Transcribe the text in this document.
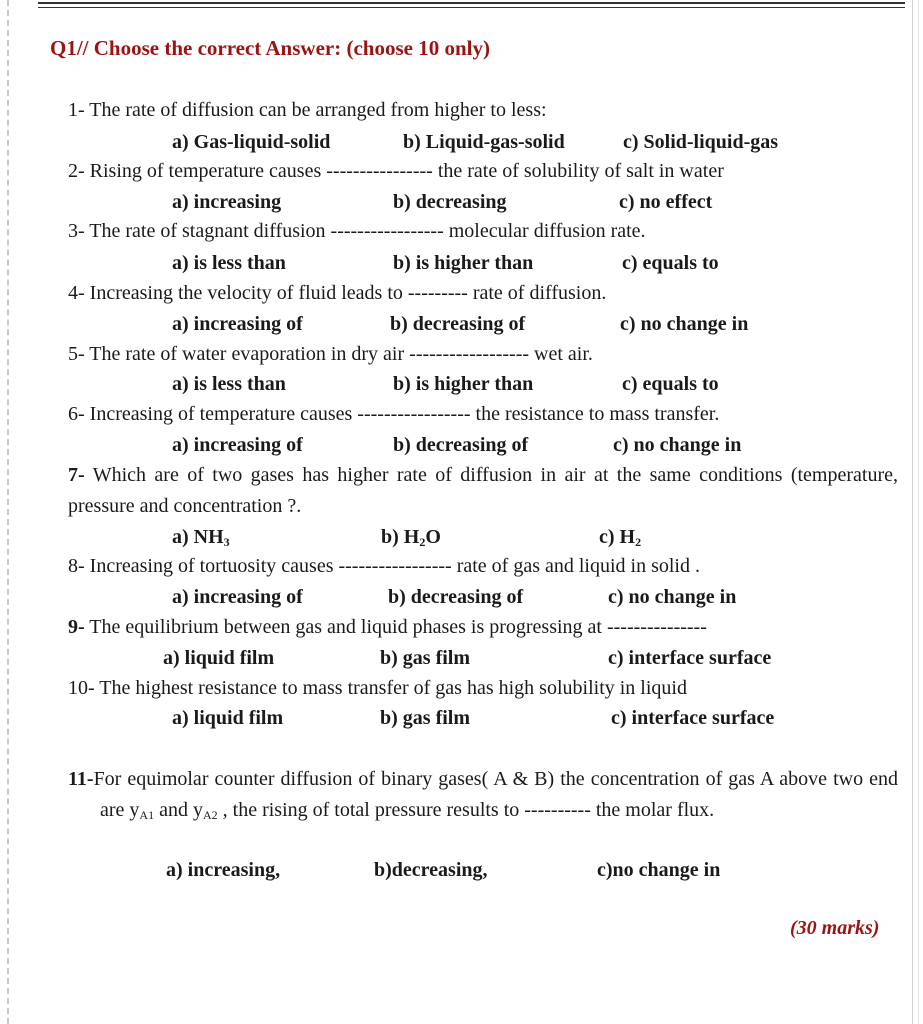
Q1// Choose the correct Answer: (choose 10 only)
1- The rate of diffusion can be arranged from higher to less:
a) Gas-liquid-solid	b) Liquid-gas-solid	c) Solid-liquid-gas
2- Rising of temperature causes ---------------- the rate of solubility of salt in water
a) increasing	b) decreasing	c) no effect
3- The rate of stagnant diffusion ----------------- molecular diffusion rate.
a) is less than	b) is higher than	c) equals to
4- Increasing the velocity of fluid leads to --------- rate of diffusion.
a) increasing of	b) decreasing of	c) no change in
5- The rate of water evaporation in dry air ------------------ wet air.
a) is less than	b) is higher than	c) equals to
6- Increasing of temperature causes ----------------- the resistance to mass transfer.
a) increasing of	b) decreasing of	c) no change in
7- Which are of two gases has higher rate of diffusion in air at the same conditions (temperature, pressure and concentration ?.
a) $NH_3$	b) $H_2O$	c) $H_2$
8- Increasing of tortuosity causes ----------------- rate of gas and liquid in solid .
a) increasing of	b) decreasing of	c) no change in
9- The equilibrium between gas and liquid phases is progressing at ---------------
a) liquid film	b) gas film	c) interface surface
10- The highest resistance to mass transfer of gas has high solubility in liquid
a) liquid film	b) gas film	c) interface surface
11-For equimolar counter diffusion of binary gases( A & B) the concentration of gas A above two end are $y_{A1}$ and $y_{A2}$ , the rising of total pressure results to ---------- the molar flux.
a) increasing,	b)decreasing,	c)no change in
(30 marks)
